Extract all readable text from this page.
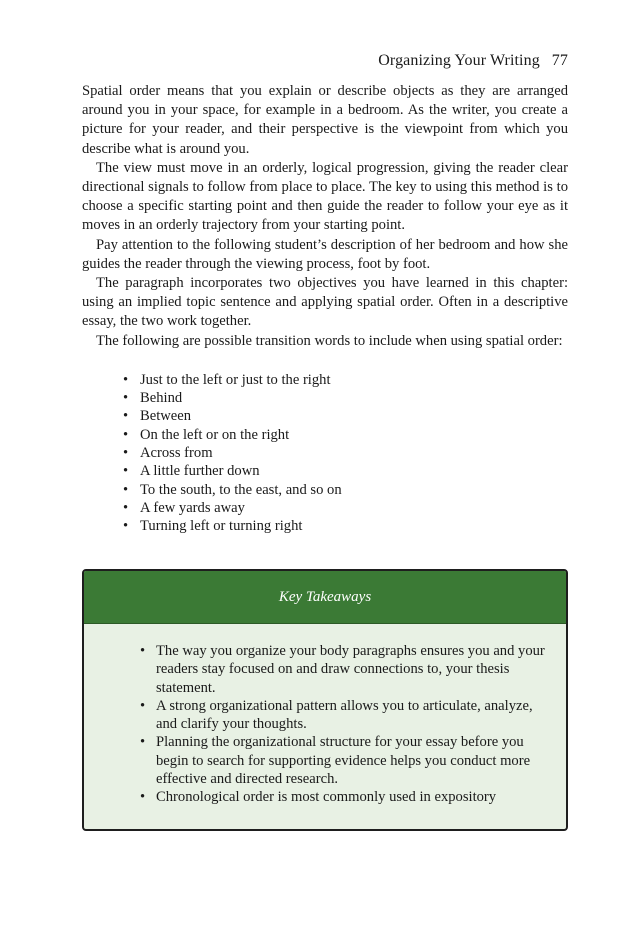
Organizing Your Writing 77

Spatial order means that you explain or describe objects as they are arranged around you in your space, for example in a bedroom. As the writer, you create a picture for your reader, and their perspective is the viewpoint from which you describe what is around you.

The view must move in an orderly, logical progression, giving the reader clear directional signals to follow from place to place. The key to using this method is to choose a specific starting point and then guide the reader to follow your eye as it moves in an orderly trajectory from your starting point.

Pay attention to the following student’s description of her bedroom and how she guides the reader through the viewing process, foot by foot.

The paragraph incorporates two objectives you have learned in this chapter: using an implied topic sentence and applying spatial order. Often in a descriptive essay, the two work together.

The following are possible transition words to include when using spatial order:

• Just to the left or just to the right
• Behind
• Between
• On the left or on the right
• Across from
• A little further down
• To the south, to the east, and so on
• A few yards away
• Turning left or turning right
Key Takeaways
• The way you organize your body paragraphs ensures you and your readers stay focused on and draw connections to, your thesis statement.
• A strong organizational pattern allows you to articulate, analyze, and clarify your thoughts.
• Planning the organizational structure for your essay before you begin to search for supporting evidence helps you conduct more effective and directed research.
• Chronological order is most commonly used in expository
